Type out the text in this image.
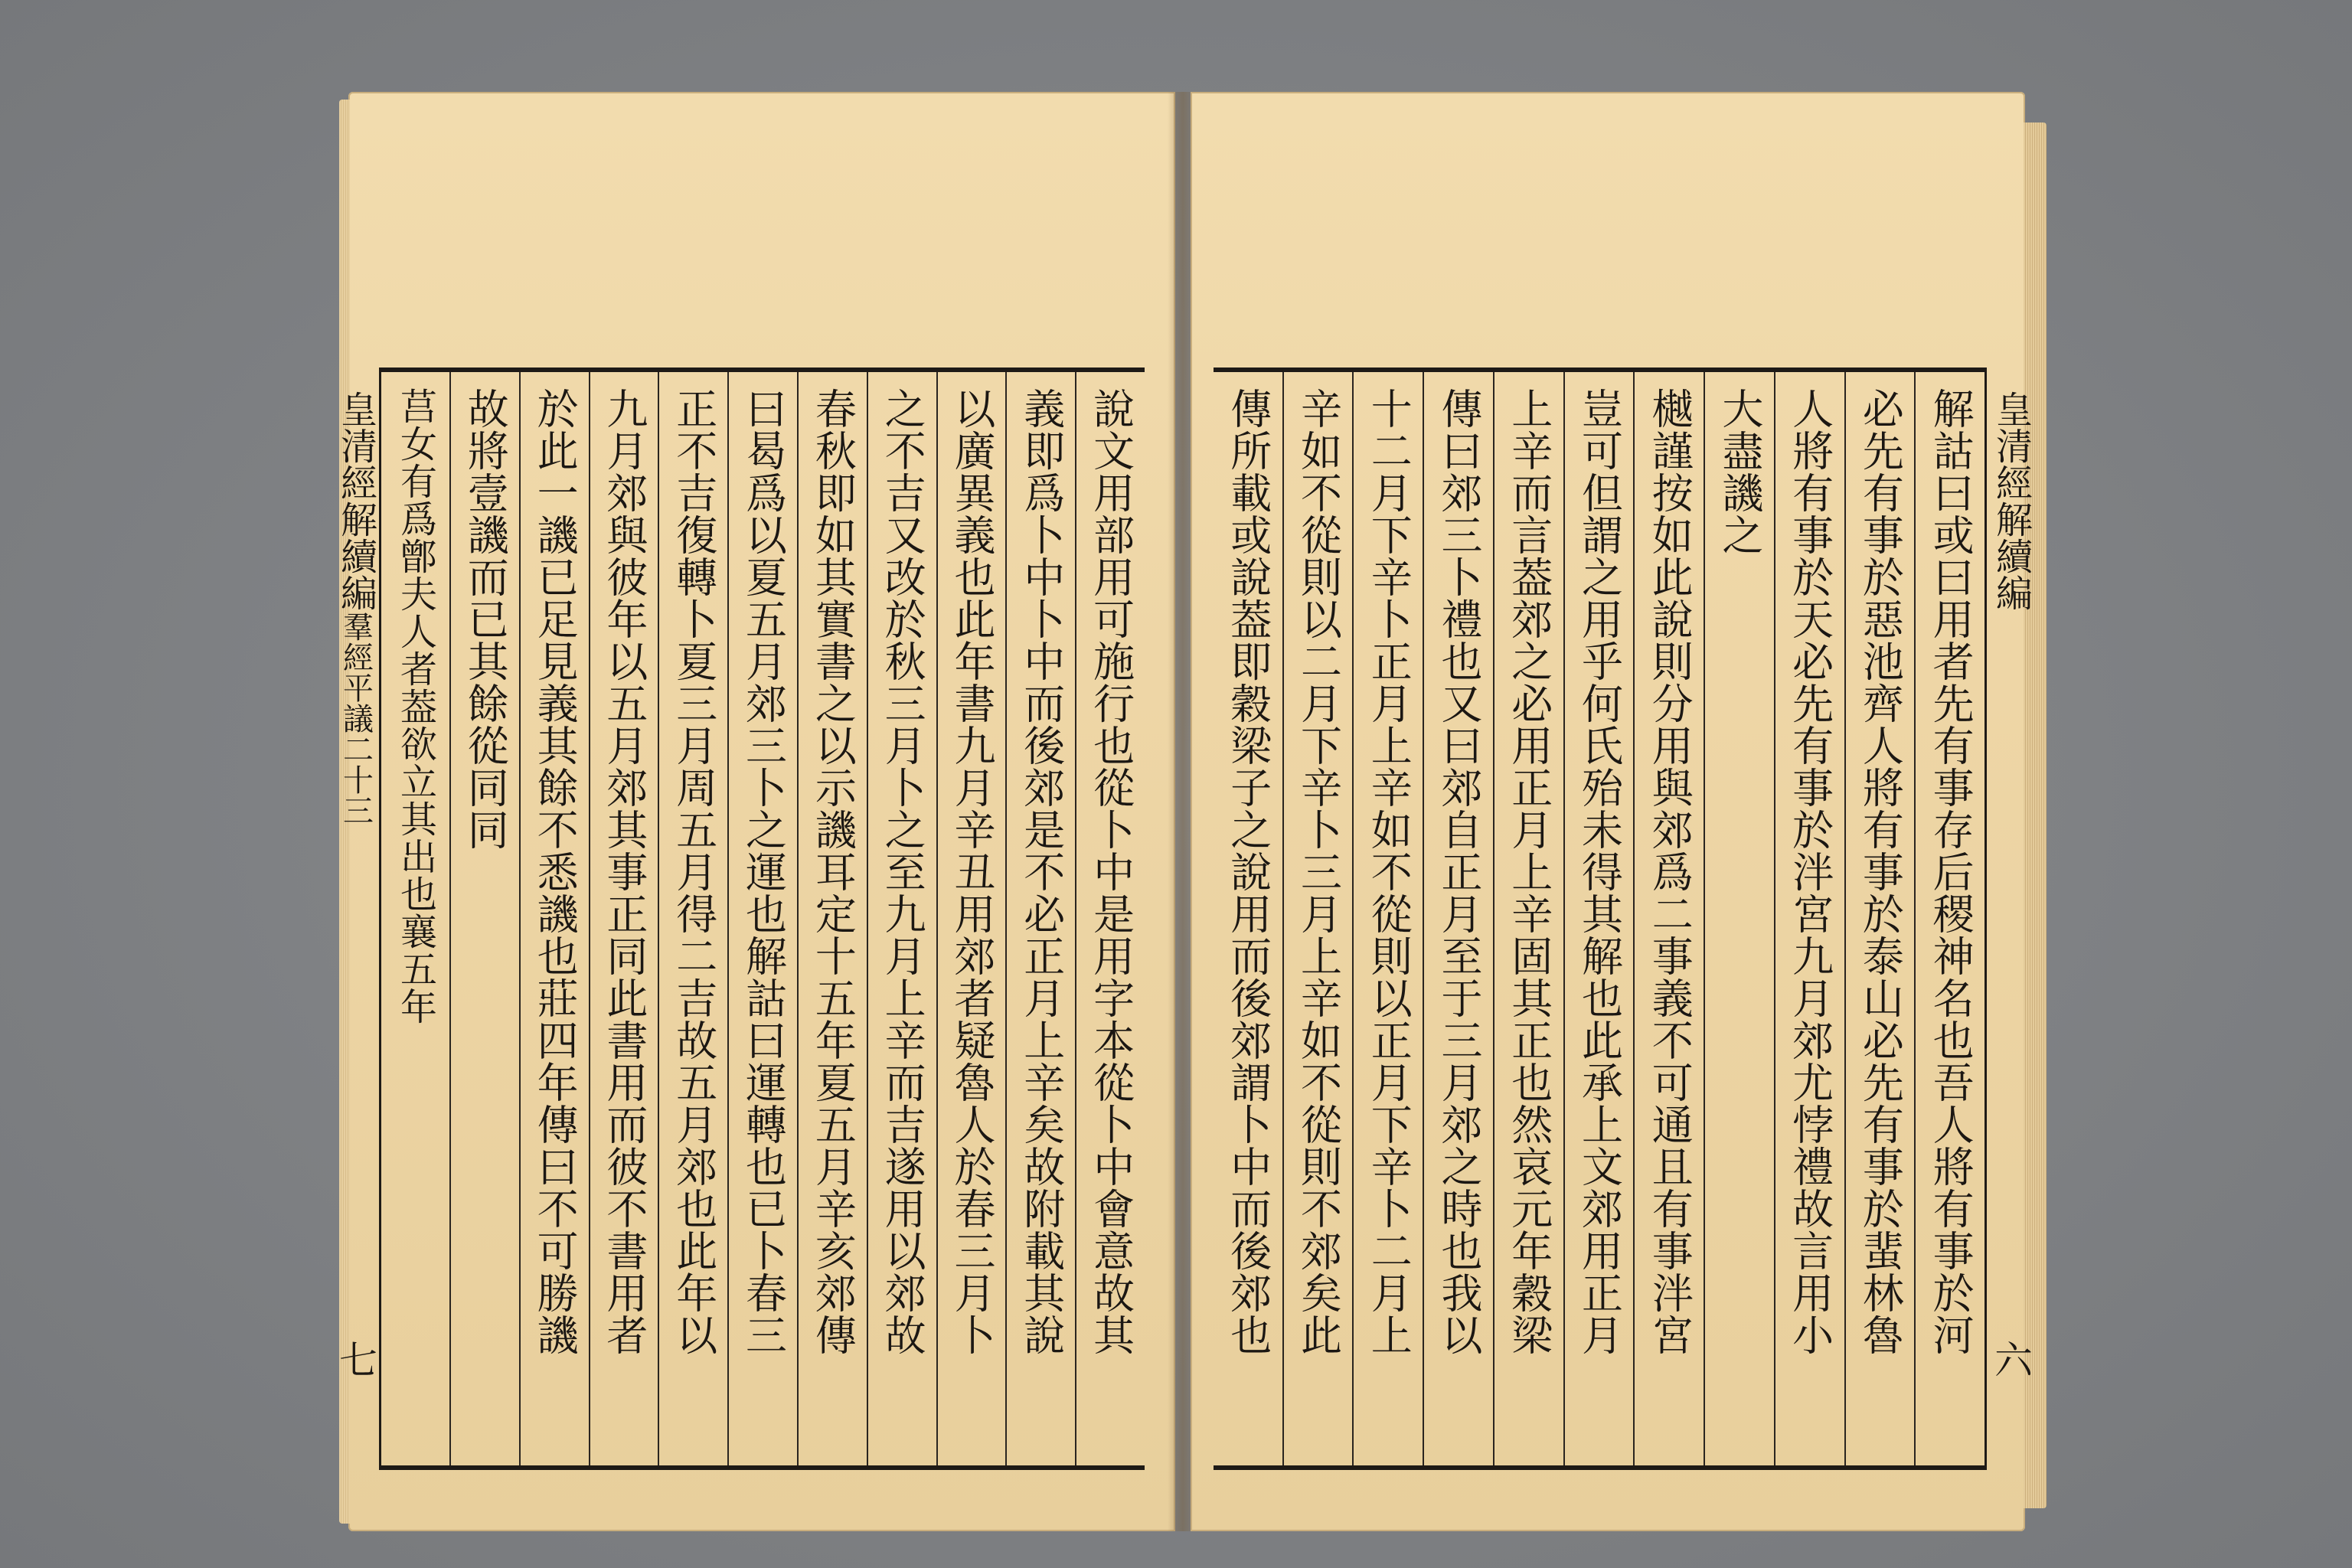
說文用部用可施行也從卜中是用字本從卜中會意故其
義即爲卜中卜中而後郊是不必正月上辛矣故附載其說
以廣異義也此年書九月辛丑用郊者疑魯人於春三月卜
之不吉又改於秋三月卜之至九月上辛而吉遂用以郊故
春秋即如其實書之以示譏耳定十五年夏五月辛亥郊傳
曰曷爲以夏五月郊三卜之運也解詁曰運轉也已卜春三
正不吉復轉卜夏三月周五月得二吉故五月郊也此年以
九月郊與彼年以五月郊其事正同此書用而彼不書用者
於此一譏已足見義其餘不悉譏也莊四年傳曰不可勝譏
故將壹譏而已其餘從同同
莒女有爲鄫夫人者葢欲立其出也襄五年
皇清經解續編羣經平議二十三
七
解詁曰或曰用者先有事存后稷神名也吾人將有事於河
必先有事於惡池齊人將有事於泰山必先有事於蜚林魯
人將有事於天必先有事於泮宮九月郊尤悖禮故言用小
大盡譏之
樾謹按如此說則分用與郊爲二事義不可通且有事泮宮
豈可但謂之用乎何氏殆未得其解也此承上文郊用正月
上辛而言葢郊之必用正月上辛固其正也然哀元年穀梁
傳曰郊三卜禮也又曰郊自正月至于三月郊之時也我以
十二月下辛卜正月上辛如不從則以正月下辛卜二月上
辛如不從則以二月下辛卜三月上辛如不從則不郊矣此
傳所載或說葢即穀梁子之說用而後郊謂卜中而後郊也	皇清經解續編
六
